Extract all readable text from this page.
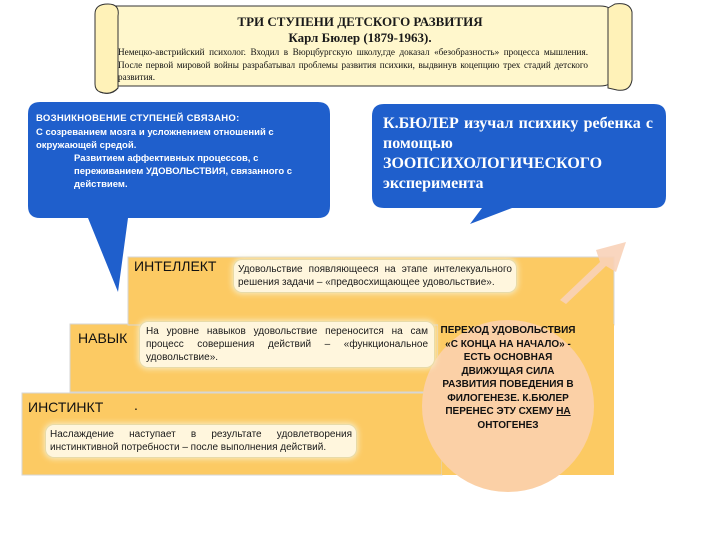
ТРИ СТУПЕНИ ДЕТСКОГО РАЗВИТИЯ
Карл Бюлер (1879-1963).
Немецко-австрийский психолог. Входил в Вюрцбургскую школу,где доказал «безобразность» процесса мышления. После первой мировой войны разрабатывал проблемы развития психики, выдвинув коцепцию трех стадий детского развития.
ВОЗНИКНОВЕНИЕ СТУПЕНЕЙ СВЯЗАНО:
С созреванием мозга и усложнением отношений с окружающей средой.
Развитием аффективных процессов, с переживанием УДОВОЛЬСТВИЯ, связанного с действием.
К.БЮЛЕР изучал психику ребенка с помощью ЗООПСИХОЛОГИЧЕСКОГО эксперимента
ИНТЕЛЛЕКТ	Удовольствие появляющееся на этапе интелекуального решения задачи – «предвосхищающее удовольствие».
НАВЫК	На уровне навыков удовольствие переносится на сам процесс совершения действий – «функциональное удовольствие».
ИНСТИНКТ .
Наслаждение наступает в результате удовлетворения инстинктивной потребности – после выполнения действий.
ПЕРЕХОД УДОВОЛЬСТВИЯ «С КОНЦА НА НАЧАЛО» - ЕСТЬ ОСНОВНАЯ ДВИЖУЩАЯ СИЛА РАЗВИТИЯ ПОВЕДЕНИЯ В ФИЛОГЕНЕЗЕ. К.БЮЛЕР ПЕРЕНЕС ЭТУ СХЕМУ НА ОНТОГЕНЕЗ
